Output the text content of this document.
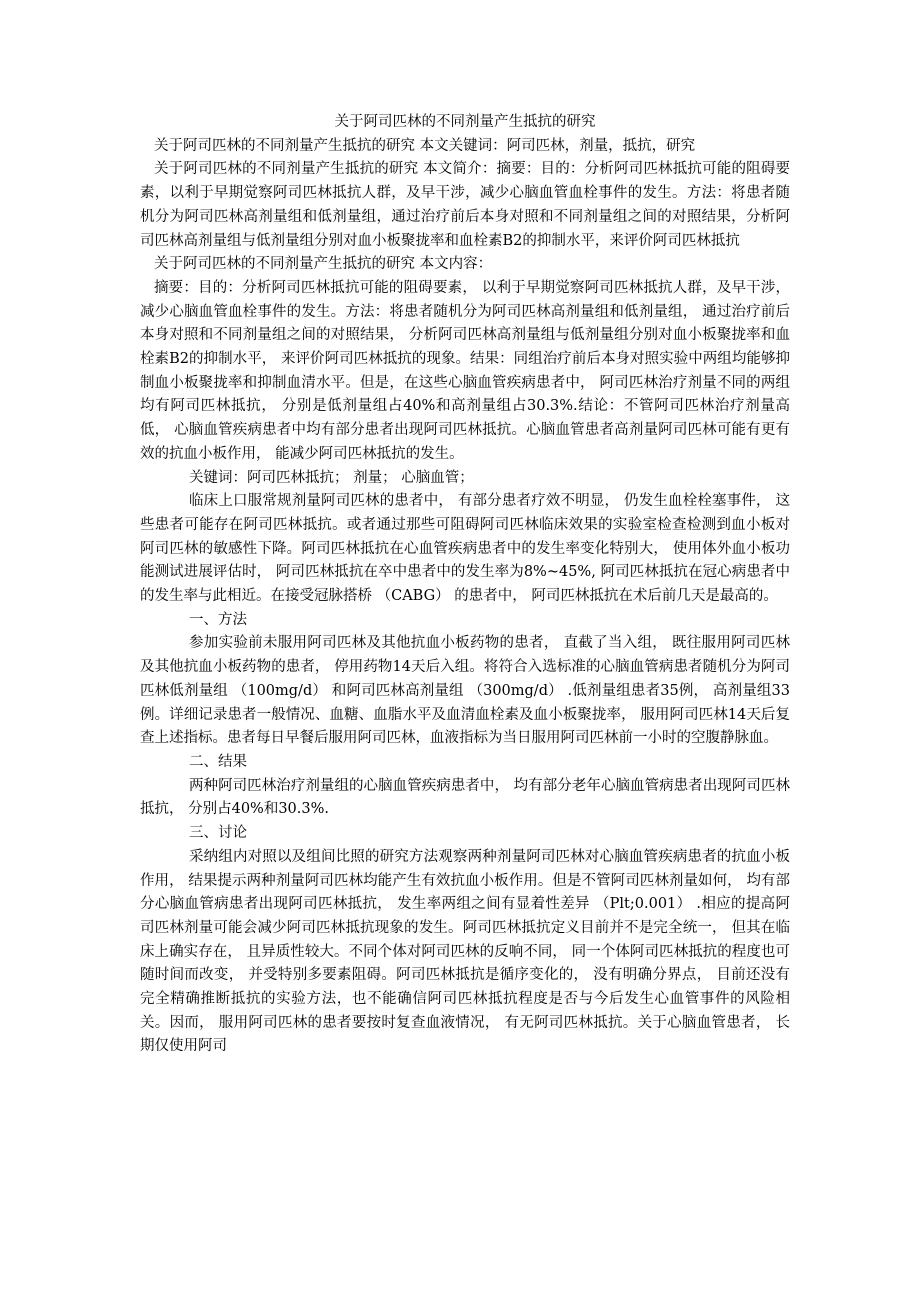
关于阿司匹林的不同剂量产生抵抗的研究

关于阿司匹林的不同剂量产生抵抗的研究 本文关键词：阿司匹林，剂量，抵抗，研究

关于阿司匹林的不同剂量产生抵抗的研究 本文简介：摘要：目的：分析阿司匹林抵抗可能的阻碍要素，以利于早期觉察阿司匹林抵抗人群，及早干涉，减少心脑血管血栓事件的发生。方法：将患者随机分为阿司匹林高剂量组和低剂量组，通过治疗前后本身对照和不同剂量组之间的对照结果，分析阿司匹林高剂量组与低剂量组分别对血小板聚拢率和血栓素B2的抑制水平，来评价阿司匹林抵抗

关于阿司匹林的不同剂量产生抵抗的研究 本文内容：

摘要：目的：分析阿司匹林抵抗可能的阻碍要素， 以利于早期觉察阿司匹林抵抗人群，及早干涉， 减少心脑血管血栓事件的发生。方法：将患者随机分为阿司匹林高剂量组和低剂量组， 通过治疗前后本身对照和不同剂量组之间的对照结果， 分析阿司匹林高剂量组与低剂量组分别对血小板聚拢率和血栓素B2的抑制水平， 来评价阿司匹林抵抗的现象。结果：同组治疗前后本身对照实验中两组均能够抑制血小板聚拢率和抑制血清水平。但是，在这些心脑血管疾病患者中， 阿司匹林治疗剂量不同的两组均有阿司匹林抵抗， 分别是低剂量组占40%和高剂量组占30.3%.结论：不管阿司匹林治疗剂量高低， 心脑血管疾病患者中均有部分患者出现阿司匹林抵抗。心脑血管患者高剂量阿司匹林可能有更有效的抗血小板作用， 能减少阿司匹林抵抗的发生。

关键词：阿司匹林抵抗； 剂量； 心脑血管；

临床上口服常规剂量阿司匹林的患者中， 有部分患者疗效不明显， 仍发生血栓栓塞事件， 这些患者可能存在阿司匹林抵抗。或者通过那些可阻碍阿司匹林临床效果的实验室检查检测到血小板对阿司匹林的敏感性下降。阿司匹林抵抗在心血管疾病患者中的发生率变化特别大， 使用体外血小板功能测试进展评估时， 阿司匹林抵抗在卒中患者中的发生率为8%~45%, 阿司匹林抵抗在冠心病患者中的发生率与此相近。在接受冠脉搭桥 （CABG） 的患者中， 阿司匹林抵抗在术后前几天是最高的。

一、方法

参加实验前未服用阿司匹林及其他抗血小板药物的患者， 直截了当入组， 既往服用阿司匹林及其他抗血小板药物的患者， 停用药物14天后入组。将符合入选标准的心脑血管病患者随机分为阿司匹林低剂量组 （100mg/d） 和阿司匹林高剂量组 （300mg/d） .低剂量组患者35例， 高剂量组33例。详细记录患者一般情况、血糖、血脂水平及血清血栓素及血小板聚拢率， 服用阿司匹林14天后复查上述指标。患者每日早餐后服用阿司匹林，血液指标为当日服用阿司匹林前一小时的空腹静脉血。

二、结果

两种阿司匹林治疗剂量组的心脑血管疾病患者中， 均有部分老年心脑血管病患者出现阿司匹林抵抗， 分别占40%和30.3%.

三、讨论

采纳组内对照以及组间比照的研究方法观察两种剂量阿司匹林对心脑血管疾病患者的抗血小板作用， 结果提示两种剂量阿司匹林均能产生有效抗血小板作用。但是不管阿司匹林剂量如何， 均有部分心脑血管病患者出现阿司匹林抵抗， 发生率两组之间有显着性差异 （Plt;0.001） .相应的提高阿司匹林剂量可能会减少阿司匹林抵抗现象的发生。阿司匹林抵抗定义目前并不是完全统一， 但其在临床上确实存在， 且异质性较大。不同个体对阿司匹林的反响不同， 同一个体阿司匹林抵抗的程度也可随时间而改变， 并受特别多要素阻碍。阿司匹林抵抗是循序变化的， 没有明确分界点， 目前还没有完全精确推断抵抗的实验方法，也不能确信阿司匹林抵抗程度是否与今后发生心血管事件的风险相关。因而， 服用阿司匹林的患者要按时复查血液情况， 有无阿司匹林抵抗。关于心脑血管患者， 长期仅使用阿司
